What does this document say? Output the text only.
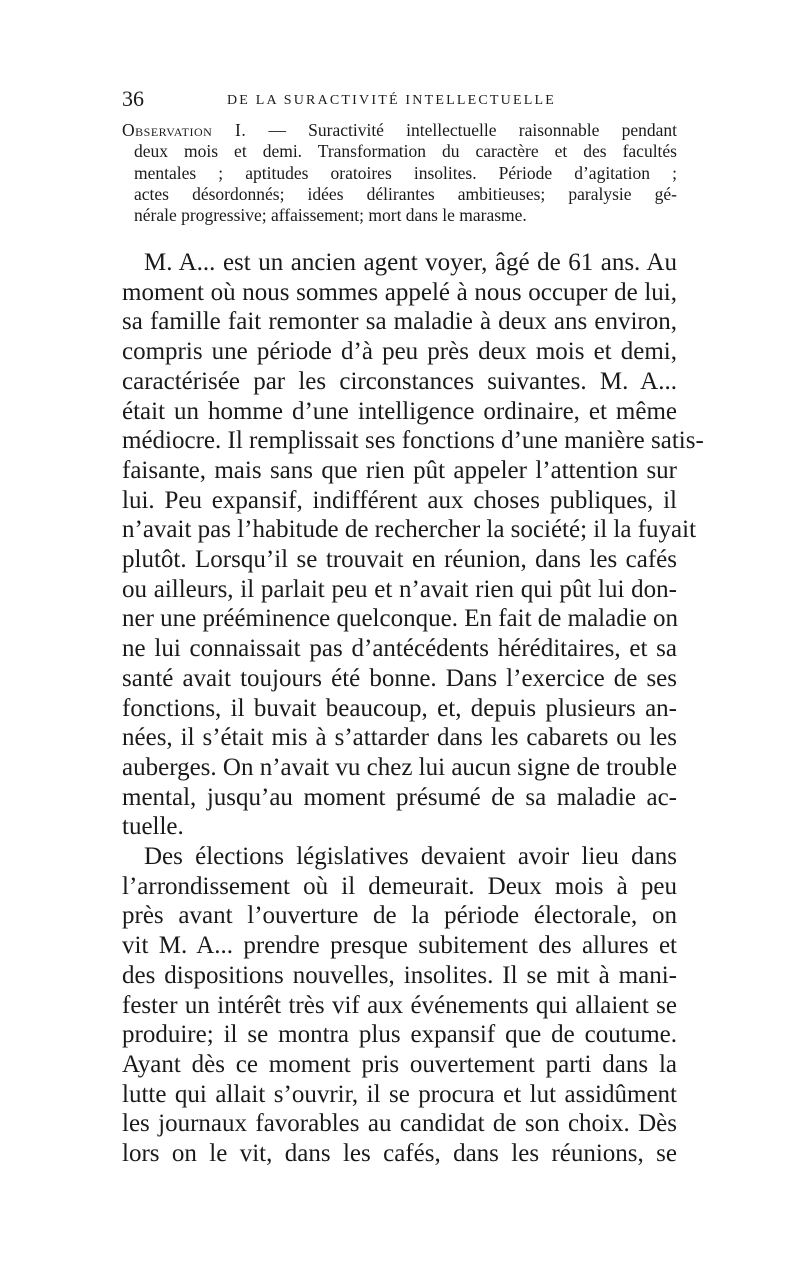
36	DE LA SURACTIVITÉ INTELLECTUELLE
Observation I. — Suractivité intellectuelle raisonnable pendant
deux mois et demi. Transformation du caractère et des facultés
mentales ; aptitudes oratoires insolites. Période d’agitation ;
actes désordonnés; idées délirantes ambitieuses; paralysie gé-
nérale progressive; affaissement; mort dans le marasme.
M. A... est un ancien agent voyer, âgé de 61 ans. Au
moment où nous sommes appelé à nous occuper de lui,
sa famille fait remonter sa maladie à deux ans environ,
compris une période d’à peu près deux mois et demi,
caractérisée par les circonstances suivantes. M. A...
était un homme d’une intelligence ordinaire, et même
médiocre. Il remplissait ses fonctions d’une manière satis-
faisante, mais sans que rien pût appeler l’attention sur
lui. Peu expansif, indifférent aux choses publiques, il
n’avait pas l’habitude de rechercher la société; il la fuyait
plutôt. Lorsqu’il se trouvait en réunion, dans les cafés
ou ailleurs, il parlait peu et n’avait rien qui pût lui don-
ner une prééminence quelconque. En fait de maladie on
ne lui connaissait pas d’antécédents héréditaires, et sa
santé avait toujours été bonne. Dans l’exercice de ses
fonctions, il buvait beaucoup, et, depuis plusieurs an-
nées, il s’était mis à s’attarder dans les cabarets ou les
auberges. On n’avait vu chez lui aucun signe de trouble
mental, jusqu’au moment présumé de sa maladie ac-
tuelle.
Des élections législatives devaient avoir lieu dans
l’arrondissement où il demeurait. Deux mois à peu
près avant l’ouverture de la période électorale, on
vit M. A... prendre presque subitement des allures et
des dispositions nouvelles, insolites. Il se mit à mani-
fester un intérêt très vif aux événements qui allaient se
produire; il se montra plus expansif que de coutume.
Ayant dès ce moment pris ouvertement parti dans la
lutte qui allait s’ouvrir, il se procura et lut assidûment
les journaux favorables au candidat de son choix. Dès
lors on le vit, dans les cafés, dans les réunions, se
